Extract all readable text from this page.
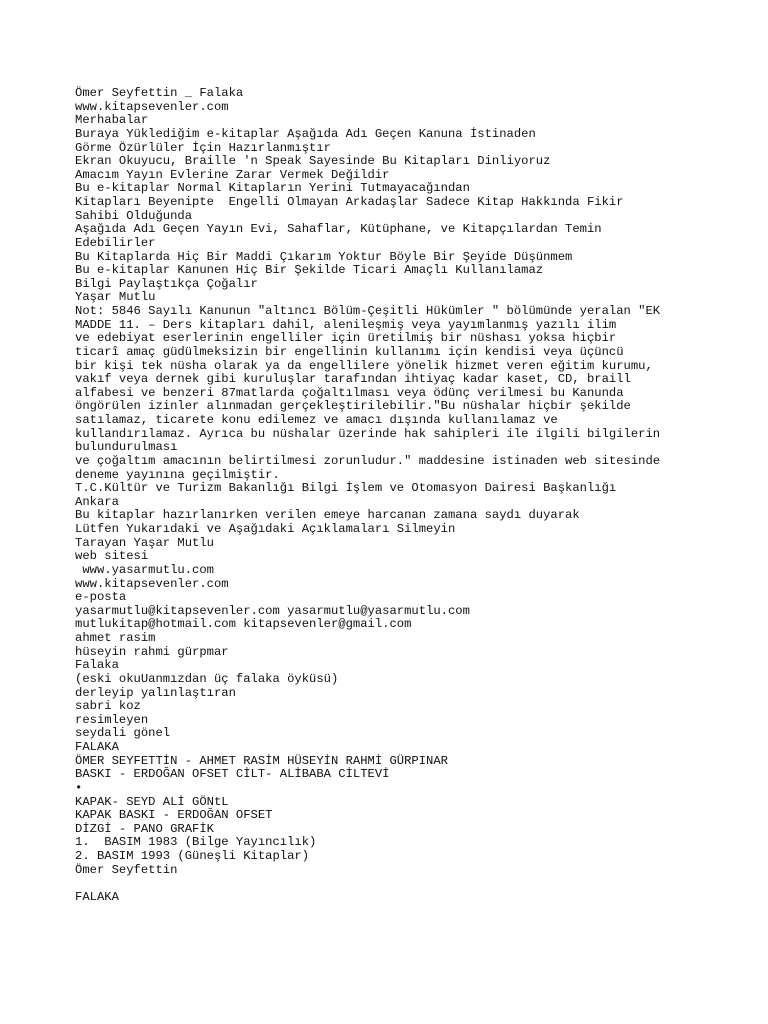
Ömer Seyfettin _ Falaka
www.kitapsevenler.com
Merhabalar
Buraya Yüklediğim e-kitaplar Aşağıda Adı Geçen Kanuna İstinaden
Görme Özürlüler İçin Hazırlanmıştır
Ekran Okuyucu, Braille 'n Speak Sayesinde Bu Kitapları Dinliyoruz
Amacım Yayın Evlerine Zarar Vermek Değildir
Bu e-kitaplar Normal Kitapların Yerini Tutmayacağından
Kitapları Beyenipte  Engelli Olmayan Arkadaşlar Sadece Kitap Hakkında Fikir
Sahibi Olduğunda
Aşağıda Adı Geçen Yayın Evi, Sahaflar, Kütüphane, ve Kitapçılardan Temin
Edebilirler
Bu Kitaplarda Hiç Bir Maddi Çıkarım Yoktur Böyle Bir Şeyide Düşünmem
Bu e-kitaplar Kanunen Hiç Bir Şekilde Ticari Amaçlı Kullanılamaz
Bilgi Paylaştıkça Çoğalır
Yaşar Mutlu
Not: 5846 Sayılı Kanunun "altıncı Bölüm-Çeşitli Hükümler " bölümünde yeralan "EK
MADDE 11. – Ders kitapları dahil, alenileşmiş veya yayımlanmış yazılı ilim
ve edebiyat eserlerinin engelliler için üretilmiş bir nüshası yoksa hiçbir
ticarî amaç güdülmeksizin bir engellinin kullanımı için kendisi veya üçüncü
bir kişi tek nüsha olarak ya da engellilere yönelik hizmet veren eğitim kurumu,
vakıf veya dernek gibi kuruluşlar tarafından ihtiyaç kadar kaset, CD, braill
alfabesi ve benzeri 87matlarda çoğaltılması veya ödünç verilmesi bu Kanunda
öngörülen izinler alınmadan gerçekleştirilebilir."Bu nüshalar hiçbir şekilde
satılamaz, ticarete konu edilemez ve amacı dışında kullanılamaz ve
kullandırılamaz. Ayrıca bu nüshalar üzerinde hak sahipleri ile ilgili bilgilerin
bulundurulması
ve çoğaltım amacının belirtilmesi zorunludur." maddesine istinaden web sitesinde
deneme yayınına geçilmiştir.
T.C.Kültür ve Turizm Bakanlığı Bilgi İşlem ve Otomasyon Dairesi Başkanlığı
Ankara
Bu kitaplar hazırlanırken verilen emeye harcanan zamana saydı duyarak
Lütfen Yukarıdaki ve Aşağıdaki Açıklamaları Silmeyin
Tarayan Yaşar Mutlu
web sitesi
www.yasarmutlu.com
www.kitapsevenler.com
e-posta
yasarmutlu@kitapsevenler.com yasarmutlu@yasarmutlu.com
mutlukitap@hotmail.com kitapsevenler@gmail.com
ahmet rasim
hüseyin rahmi gürpmar
Falaka
(eski okuUanmızdan üç falaka öyküsü)
derleyip yalınlaştıran
sabri koz
resimleyen
seydali gönel
FALAKA
ÖMER SEYFETTİN - AHMET RASİM HÜSEYİN RAHMİ GÜRPINAR
BASKI - ERDOĞAN OFSET CİLT- ALİBABA CİLTEVİ
•
KAPAK- SEYD ALİ GÖNtL
KAPAK BASKI - ERDOĞAN OFSET
DİZGİ - PANO GRAFİK
1.  BASIM 1983 (Bilge Yayıncılık)
2. BASIM 1993 (Güneşli Kitaplar)
Ömer Seyfettin
FALAKA
